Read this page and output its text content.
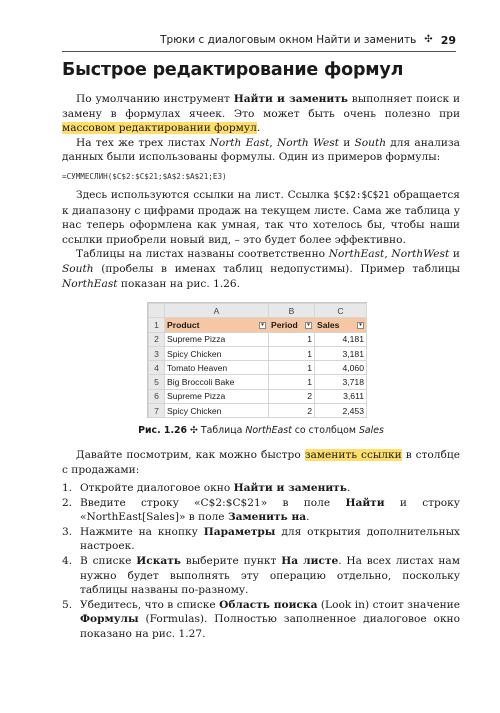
Трюки с диалоговым окном Найти и заменить ✣ 29
Быстрое редактирование формул

По умолчанию инструмент Найти и заменить выполняет поиск и замену в формулах ячеек. Это может быть очень полезно при массовом редактировании формул.

На тех же трех листах North East, North West и South для анализа данных были использованы формулы. Один из примеров формулы:

=СУММЕСЛИН($C$2:$C$21;$A$2:$A$21;E3)

Здесь используются ссылки на лист. Ссылка $C$2:$C$21 обращается к диапазону с цифрами продаж на текущем листе. Сама же таблица у нас теперь оформлена как умная, так что хотелось бы, чтобы наши ссылки приобрели новый вид, – это будет более эффективно.

Таблицы на листах названы соответственно NorthEast, NorthWest и South (пробелы в именах таблиц недопустимы). Пример таблицы NorthEast показан на рис. 1.26.

	A	B	C
1	Product ▾	Period ▾	Sales ▾

2	Supreme Pizza	1	4,181
3	Spicy Chicken	1	3,181
4	Tomato Heaven	1	4,060
5	Big Broccoli Bake	1	3,718
6	Supreme Pizza	2	3,611
7	Spicy Chicken	2	2,453
Рис. 1.26 ✣ Таблица NorthEast со столбцом Sales

Давайте посмотрим, как можно быстро заменить ссылки в столбце с продажами:

1. Откройте диалоговое окно Найти и заменить.
2. Введите строку «C$2:$C$21» в поле Найти и строку «NorthEast[Sales]» в поле Заменить на.
3. Нажмите на кнопку Параметры для открытия дополнительных настроек.
4. В списке Искать выберите пункт На листе. На всех листах нам нужно будет выполнять эту операцию отдельно, поскольку таблицы названы по-разному.
5. Убедитесь, что в списке Область поиска (Look in) стоит значение Формулы (Formulas). Полностью заполненное диалоговое окно показано на рис. 1.27.
